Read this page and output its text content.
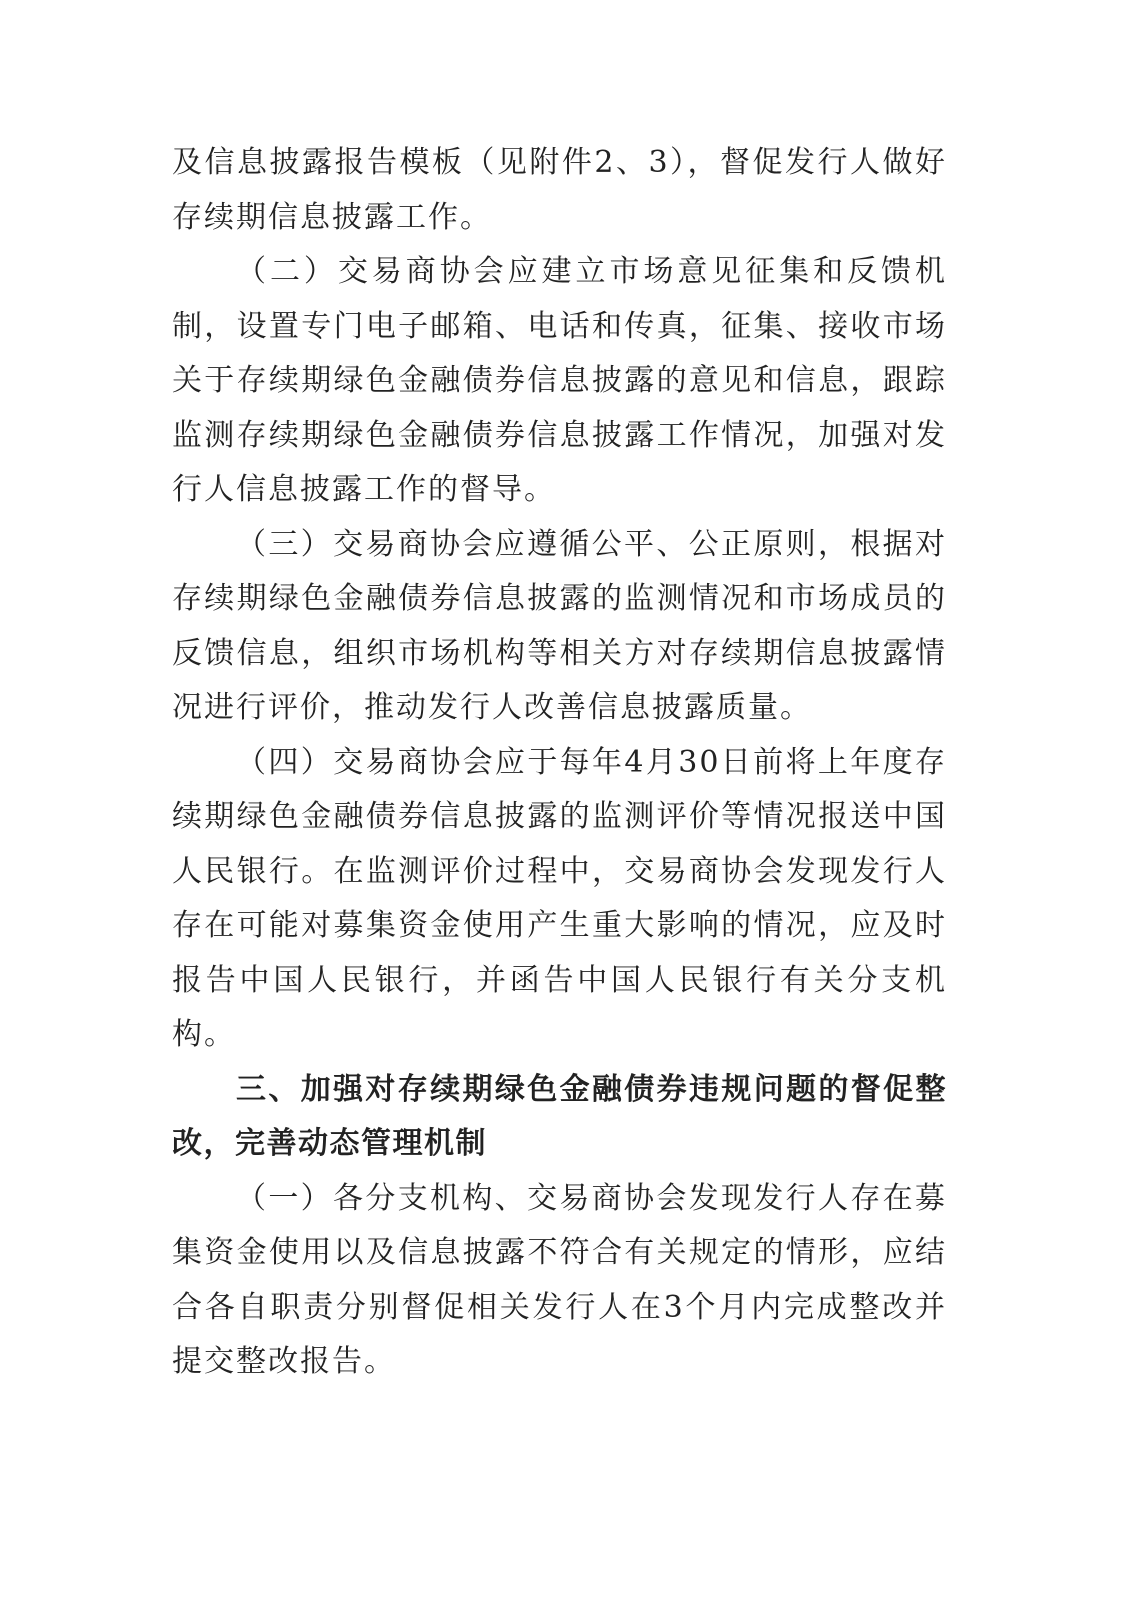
及信息披露报告模板（见附件2、3），督促发行人做好存续期信息披露工作。

（二）交易商协会应建立市场意见征集和反馈机制，设置专门电子邮箱、电话和传真，征集、接收市场关于存续期绿色金融债券信息披露的意见和信息，跟踪监测存续期绿色金融债券信息披露工作情况，加强对发行人信息披露工作的督导。

（三）交易商协会应遵循公平、公正原则，根据对存续期绿色金融债券信息披露的监测情况和市场成员的反馈信息，组织市场机构等相关方对存续期信息披露情况进行评价，推动发行人改善信息披露质量。

（四）交易商协会应于每年4月30日前将上年度存续期绿色金融债券信息披露的监测评价等情况报送中国人民银行。在监测评价过程中，交易商协会发现发行人存在可能对募集资金使用产生重大影响的情况，应及时报告中国人民银行，并函告中国人民银行有关分支机构。

三、加强对存续期绿色金融债券违规问题的督促整改，完善动态管理机制

（一）各分支机构、交易商协会发现发行人存在募集资金使用以及信息披露不符合有关规定的情形，应结合各自职责分别督促相关发行人在3个月内完成整改并提交整改报告。
